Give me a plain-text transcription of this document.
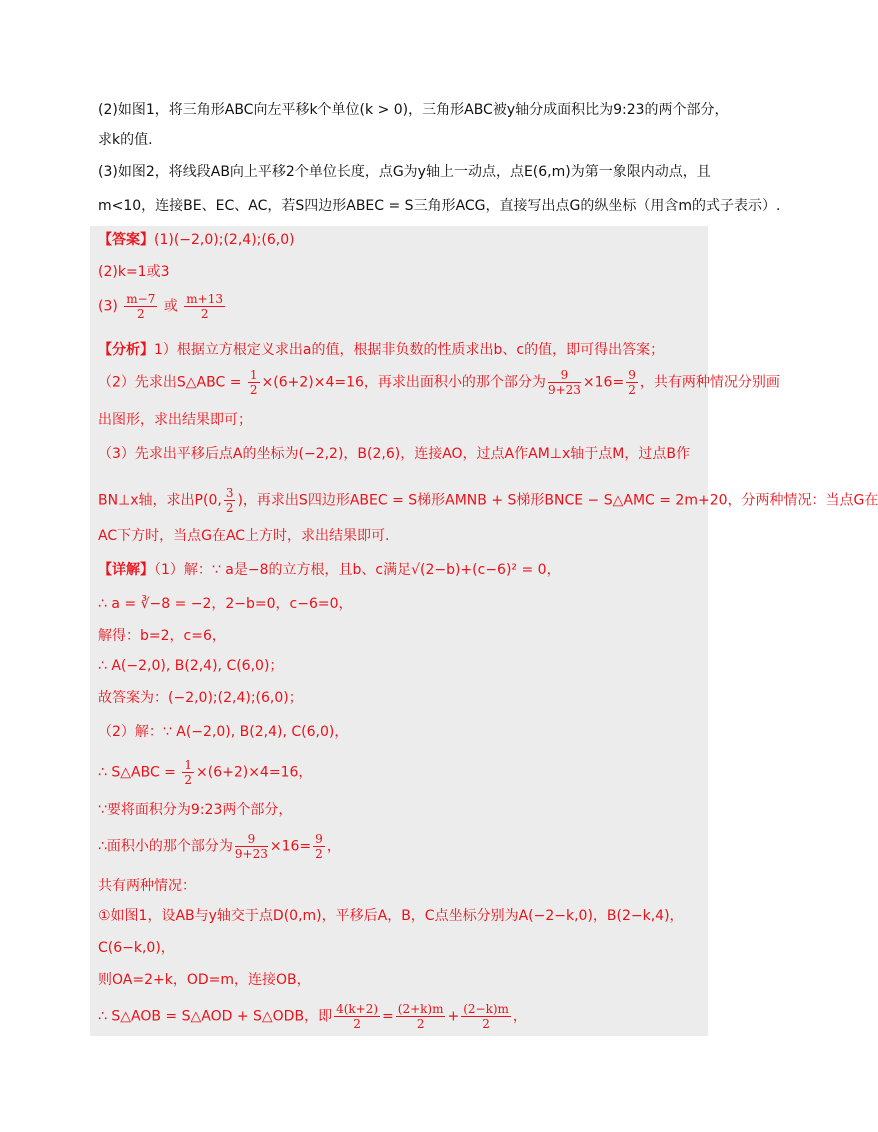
(2)如图1，将三角形ABC向左平移k个单位(k > 0)，三角形ABC被y轴分成面积比为9:23的两个部分，
求k的值.
(3)如图2，将线段AB向上平移2个单位长度，点G为y轴上一动点，点E(6,m)为第一象限内动点，且
m<10，连接BE、EC、AC，若S四边形ABEC = S三角形ACG，直接写出点G的纵坐标（用含m的式子表示）.
【答案】(1)(−2,0);(2,4);(6,0)
(2)k=1或3
$(3) \frac{m-7}{2}$ 或 $\frac{m+13}{2}$
【分析】1）根据立方根定义求出a的值，根据非负数的性质求出b、c的值，即可得出答案；
（2）先求出S△ABC = $\frac{1}{2} \times(6+2)\times 4=16$，再求出面积小的那个部分为 $\frac{9}{9+23} \times 16= \frac{9}{2}$ ，共有两种情况分别画
出图形，求出结果即可；
（3）先求出平移后点A的坐标为(−2,2)，B(2,6)，连接AO，过点A作AM⊥x轴于点M，过点B作
BN⊥x轴，求出P(0, $\frac{3}{2}$ )，再求出S四边形ABEC = S梯形AMNB + S梯形BNCE − S△AMC = 2m+20，分两种情况：当点G在
AC下方时，当点G在AC上方时，求出结果即可.
【详解】（1）解：∵ a是−8的立方根，且b、c满足√(2−b)+(c−6)² = 0，
∴ a = ∛−8 = −2，2−b=0，c−6=0，
解得：b=2，c=6，
∴ A(−2,0), B(2,4), C(6,0)；
故答案为：(−2,0);(2,4);(6,0)；
（2）解：∵ A(−2,0), B(2,4), C(6,0)，
∴ S△ABC = $\frac{1}{2} \times(6+2)\times 4=16$，
∵要将面积分为9:23两个部分，
∴面积小的那个部分为 $\frac{9}{9+23} \times 16= \frac{9}{2}$ ，
共有两种情况：
①如图1，设AB与y轴交于点D(0,m)，平移后A，B，C点坐标分别为A(−2−k,0)，B(2−k,4)，
C(6−k,0)，
则OA=2+k，OD=m，连接OB，
∴ S△AOB = S△AOD + S△ODB，即 $\frac{4(k+2)}{2} = \frac{(2+k)m}{2} + \frac{(2-k)m}{2}$ ，
